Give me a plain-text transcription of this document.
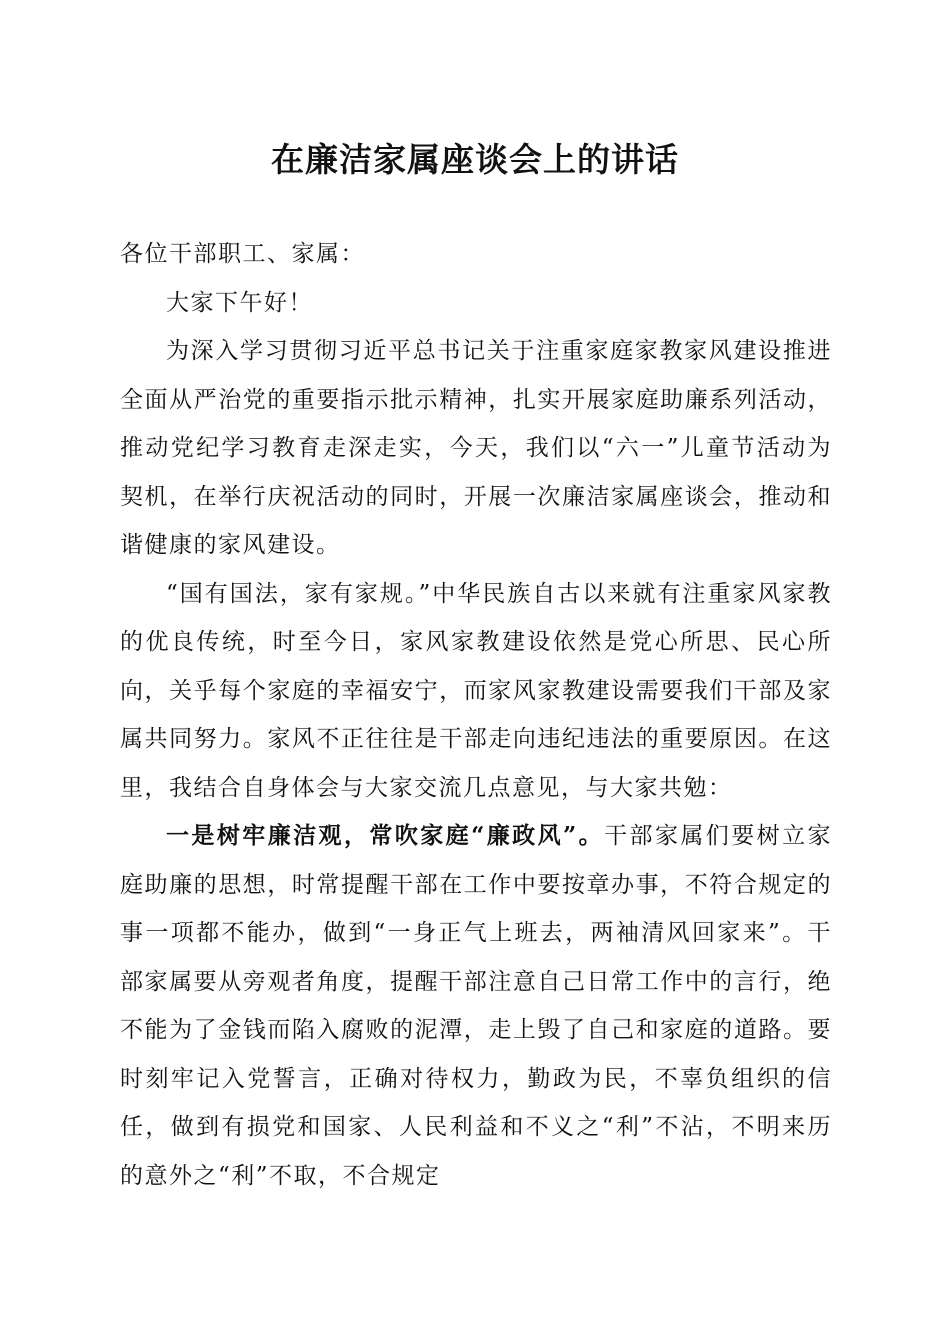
在廉洁家属座谈会上的讲话

各位干部职工、家属：

大家下午好！

为深入学习贯彻习近平总书记关于注重家庭家教家风建设推进全面从严治党的重要指示批示精神，扎实开展家庭助廉系列活动，推动党纪学习教育走深走实，今天，我们以“六一”儿童节活动为契机，在举行庆祝活动的同时，开展一次廉洁家属座谈会，推动和谐健康的家风建设。

“国有国法，家有家规。”中华民族自古以来就有注重家风家教的优良传统，时至今日，家风家教建设依然是党心所思、民心所向，关乎每个家庭的幸福安宁，而家风家教建设需要我们干部及家属共同努力。家风不正往往是干部走向违纪违法的重要原因。在这里，我结合自身体会与大家交流几点意见，与大家共勉：

一是树牢廉洁观，常吹家庭“廉政风”。干部家属们要树立家庭助廉的思想，时常提醒干部在工作中要按章办事，不符合规定的事一项都不能办，做到“一身正气上班去，两袖清风回家来”。干部家属要从旁观者角度，提醒干部注意自己日常工作中的言行，绝不能为了金钱而陷入腐败的泥潭，走上毁了自己和家庭的道路。要时刻牢记入党誓言，正确对待权力，勤政为民，不辜负组织的信任，做到有损党和国家、人民利益和不义之“利”不沾，不明来历的意外之“利”不取，不合规定
